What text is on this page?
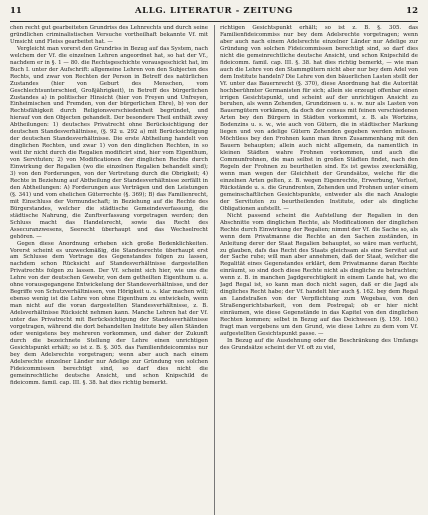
11	ALLG. LITERATUR - ZEITUNG	12

chen recht gut gearbeiteten Grundriss des Lehnrechts und durch seine gründlichen criminalistischen Versuche vortheilhaft bekannte Vf. mit Umsicht und Fleiss gearbeitet hat. —

Vergleicht man vorerst den Grundriss in Bezug auf das System, nach welchem der Vf. die einzelnen Lehren angeordnet hat, so hat der Vf., nachdem er in §. 1 — 80. die Rechtsgeschichte vorausgeschickt hat, im Buch I. unter der Aufschrift: allgemeine Lehren von den Subjecten des Rechts, und zwar von Rechten der Person in Betreff des natürlichen Zustandes (hier von Geburt des Menschen, vom Geschlechtsunterschied, Großjährigkeit), in Betreff des bürgerlichen Zustandes a) in politischer Hinsicht (hier von Freyen und Unfreyen, Einheimischen und Fremden, von der bürgerlichen Ehre), b) von der Rechtsfähigkeit durch Religionsverschiedenheit begründet, und hierauf von den Objecten gehandelt. Der besondere Theil enthält zwey Abtheilungen: 1) deutsches Privatrecht ohne Berücksichtigung der deutschen Standesverhältnisse, (§. 92 u. 292 a) mit Berücksichtigung der deutschen Standesverhältnisse. Die erste Abtheilung handelt von dinglichen Rechten, und zwar 1) von den dinglichen Rechten, in so weit ihr nicht durch die Regalien modificirt sind, hier vom Eigenthum, von Servituten; 2) von Modificationen der dinglichen Rechte durch Einwirkung der Regalien (wo die einzelnen Regalien behandelt sind); 3) von den Forderungen, von der Vertretung durch die Obrigkeit; 4) Rechte in Beziehung auf Abtheilung der Standesverhältnisse zerfällt in den Abtheilungen: A) Forderungen aus Verträgen und den Leistungen (§. 341) und vom ehelichen Güterrechte (§. 369); B) das Familienrecht, mit Einschluss der Vormundschaft; in Beziehung auf die Rechte des Bürgerstandes, welcher die städtische Gemeindeverfassung, die städtische Nahrung, die Zunftverfassung vorgetragen werden; den Schluss macht das Handelsrecht, sowie das Recht des Assecuranzwesens, Seerecht überhaupt und das Wechselrecht gehören. —

Gegen diese Anordnung erheben sich große Bedenklichkeiten. Vorerst scheint es unzweckmäßig, die Standesrechte überhaupt erst am Schlusse dem Vortrage des Gegenstandes folgen zu lassen, nachdem schon Rücksicht auf Standesverhältnisse dargestellten Privatrechts folgen zu lassen. Der Vf. scheint sich hier, wie uns die Lehre von der deutschen Gewehr, von dem getheilten Eigenthum u. a. ohne vorausgegangene Entwickelung der Standesverhältnisse, und der Begriffe von Schutzverhältnissen, von Hörigkeit u. s. klar machen will; ebenso wenig ist die Lehre von ohne Eigenthum zu entwickeln, wenn man nicht auf die voran dargestellten Standesverhältnisse, z. B. Adelsverhältnisse Rücksicht nehmen kann. Manche Lehren hat der Vf. unter das Privatrecht mit Berücksichtigung der Standesverhältnisse vorgetragen, während die dort behandelten Institute bey allen Ständen oder wenigstens bey mehreren vorkommen, und daher der Zukunft durch die bezeichnete Stellung der Lehre einen unrichtigen Gesichtspunkt erhält; so ist z. B. §. 305. das Familienfideicommiss nur bey dem Adelsrechte vorgetragen; wenn aber auch nach einem Adelsrechte einzelner Länder nur Adelige zur Gründung von solchen Fideicommissen berechtigt sind, so darf dies nicht die gemeinrechtliche deutsche Ansicht, und schon Knipschild de fideicomm. famil. cap. III. §. 38. hat dies richtig bemerkt.

richtigen Gesichtspunkt erhält; so ist z. B. §. 305. das Familienfideicommiss nur bey dem Adelsrechte vorgetragen; wenn aber auch nach einem Adelsrechte einzelner Länder nur Adelige zur Gründung von solchen Fideicommissen berechtigt sind, so darf dies nicht die gemeinrechtliche deutsche Ansicht, und schon Knipschild de fideicomm. famil. cap. III. §. 38. hat dies richtig bemerkt, — wie man auch die Lehre von den Stammgütern nicht aber nur bey dem Adel von dem Institute handeln? Die Lehre von den bäuerlichen Lasten stellt der Vf. unter das Bauernrecht (§. 370), diese Anordnung hat die Autorität hochberühmter Germanisten für sich; allein sie erzeugt offenbar einen irrigen Gesichtspunkt, und scheint auf der unrichtigen Ansicht zu beruhen, als wenn Zehenden, Grundzinsen u. s. w. nur als Lasten von Bauerngütern vorkämen, da doch der census mit feinen verschiedenen Arten bey den Bürgern in Städten vorkommt, z. B. als Wortzins, Bodenzins u. s. w., wie auch von Gütern, die in städtischer Markung liegen und von adelige Gütern Zehenden gegeben werden müssen. Möchtless bey den Frohnen kann man ihren Zusammenhang mit den Bauern behaupten; allein auch nicht allgemein, da namentlich in kleinen Städten wahre Frohnen vorkommen, und auch die Communfrohnen, die man selbst in großen Städten findet, nach den Regeln der Frohnen zu beurtheilen sind. Es ist gewiss zweckmäßig, wenn man wegen der Gleichheit der Grundsätze, welche für die einzelnen Arten gelten, z. B. wegen Eigenrechte, Erwerbung, Verlust, Rückstände u. s. die Grundrenten, Zehenden und Frohnen unter einem gemeinschaftlichen Gesichtspunkte, entweder als die nach Analogie der Servituten zu beurtheilenden Institute, oder als dingliche Obligationen aufstellt. —

Nicht passend scheint die Aufstellung der Regalien in den Abschnitte vom dinglichen Rechte, als Modificationen der dinglichen Rechte durch Einwirkung der Regalien; nimmt der Vf. die Sache so, als wenn dem Privatmanne die Rechte an den Sachen zuständen, in Anleitung derer der Staat Regalien behauptet, so wäre man verfucht, zu glauben, dafs das Recht des Staats gleichsam als eine Servitut auf der Sache ruhe; will man aber annehmen, daß der Staat, welcher die Regalität eines Gegenstandes erklärt, dem Privatmanne daran Rechte einräumt, so sind doch diese Rechte nicht als dingliche zu betrachten; wenn z. B. in manchen Jagdgerechtigkeit in einem Lande hat, wo die Jagd Regal ist, so kann man doch nicht sagen, daß er die Jagd als dingliches Recht habe; der Vf. handelt hier auch §. 162. bey dem Regal an Landstraßen von der Verpflichtung zum Wegebau, von den Straßengerichtsbarkeit, von dem Postregal; ob er hier nicht einräumen, wie diese Gegenstände in das Kapitel von den dinglichen Rechten kommen; selbst in Bezug auf das Deichwesen (§. 159. 160.) fragt man vergebens um den Grund, wie diese Lehre zu dem vom Vf. aufgestellten Gesichtspunkt passe. —

In Bezug auf die Ausdehnung oder die Beschränkung des Umfangs des Grundsätze scheint der Vf. oft zu viel,
